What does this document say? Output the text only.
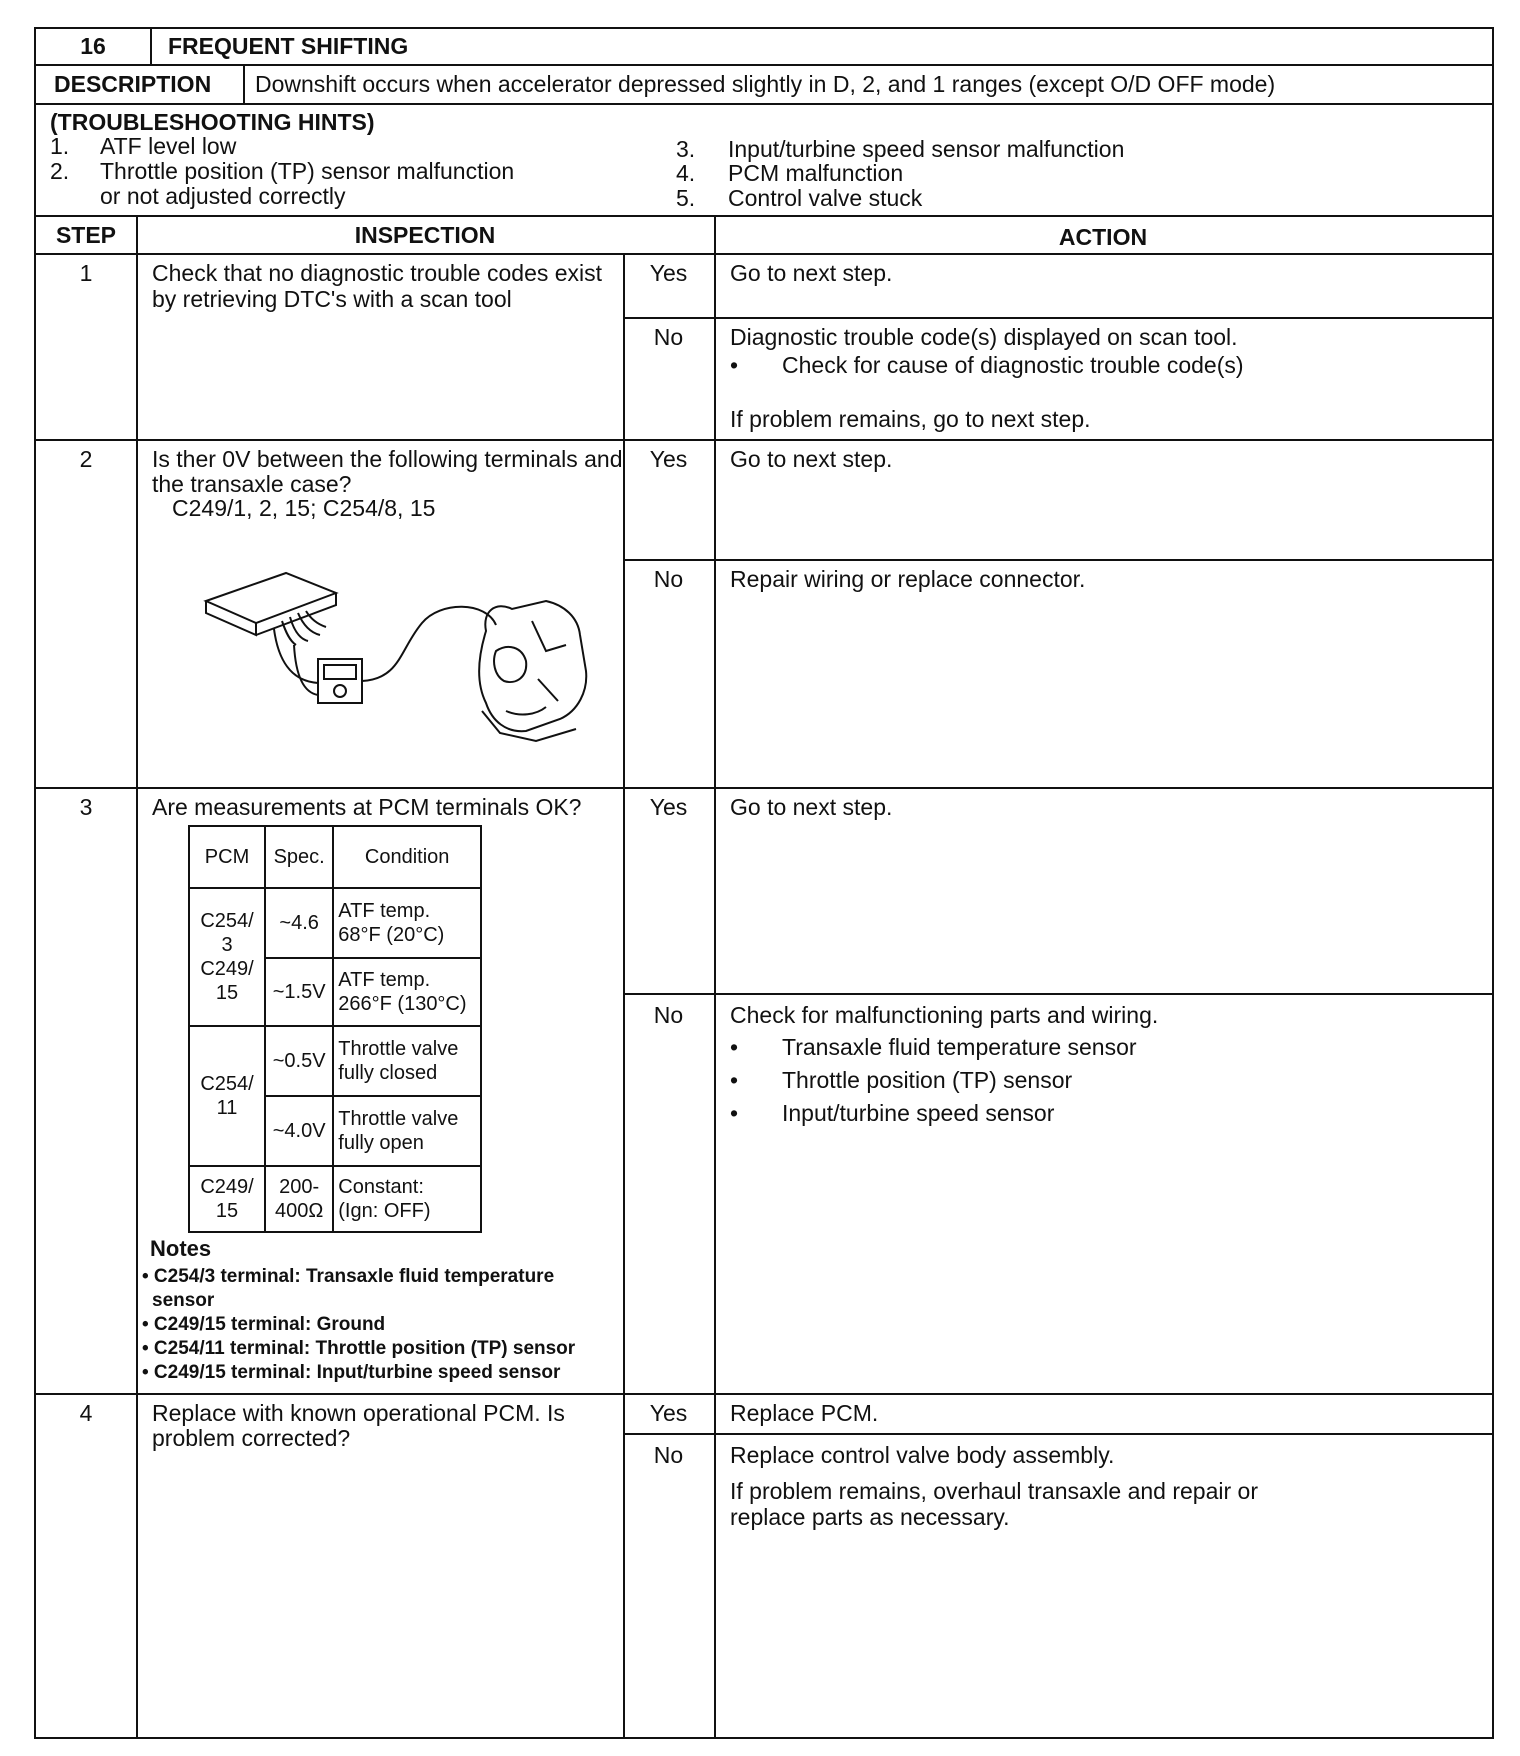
16	FREQUENT SHIFTING
DESCRIPTION Downshift occurs when accelerator depressed slightly in D, 2, and 1 ranges (except O/D OFF mode)
(TROUBLESHOOTING HINTS)
1. ATF level low
2. Throttle position (TP) sensor malfunction
or not adjusted correctly
3. Input/turbine speed sensor malfunction
4. PCM malfunction
5. Control valve stuck
STEP	INSPECTION	ACTION
1	Check that no diagnostic trouble codes exist
by retrieving DTC's with a scan tool
Yes	Go to next step.
No	Diagnostic trouble code(s) displayed on scan tool.
• Check for cause of diagnostic trouble code(s)
If problem remains, go to next step.
2	Is ther 0V between the following terminals and
the transaxle case?
C249/1, 2, 15; C254/8, 15
Yes	Go to next step.
No	Repair wiring or replace connector.
3	Are measurements at PCM terminals OK?
PCM	Spec.	Condition
C254/ 3 C249/ 15	~4.6	ATF temp.
68°F (20°C)
	~1.5V	ATF temp.
266°F (130°C)
C254/ 11	~0.5V	Throttle valve
fully closed
	~4.0V	Throttle valve
fully open
C249/ 15	200- 400Ω	Constant:
(Ign: OFF)
Notes
• C254/3 terminal: Transaxle fluid temperature
sensor
• C249/15 terminal: Ground
• C254/11 terminal: Throttle position (TP) sensor
• C249/15 terminal: Input/turbine speed sensor
Yes	Go to next step.
No	Check for malfunctioning parts and wiring.
• Transaxle fluid temperature sensor
• Throttle position (TP) sensor
• Input/turbine speed sensor
4	Replace with known operational PCM. Is
problem corrected?
Yes	Replace PCM.
No	Replace control valve body assembly.
If problem remains, overhaul transaxle and repair or
replace parts as necessary.
